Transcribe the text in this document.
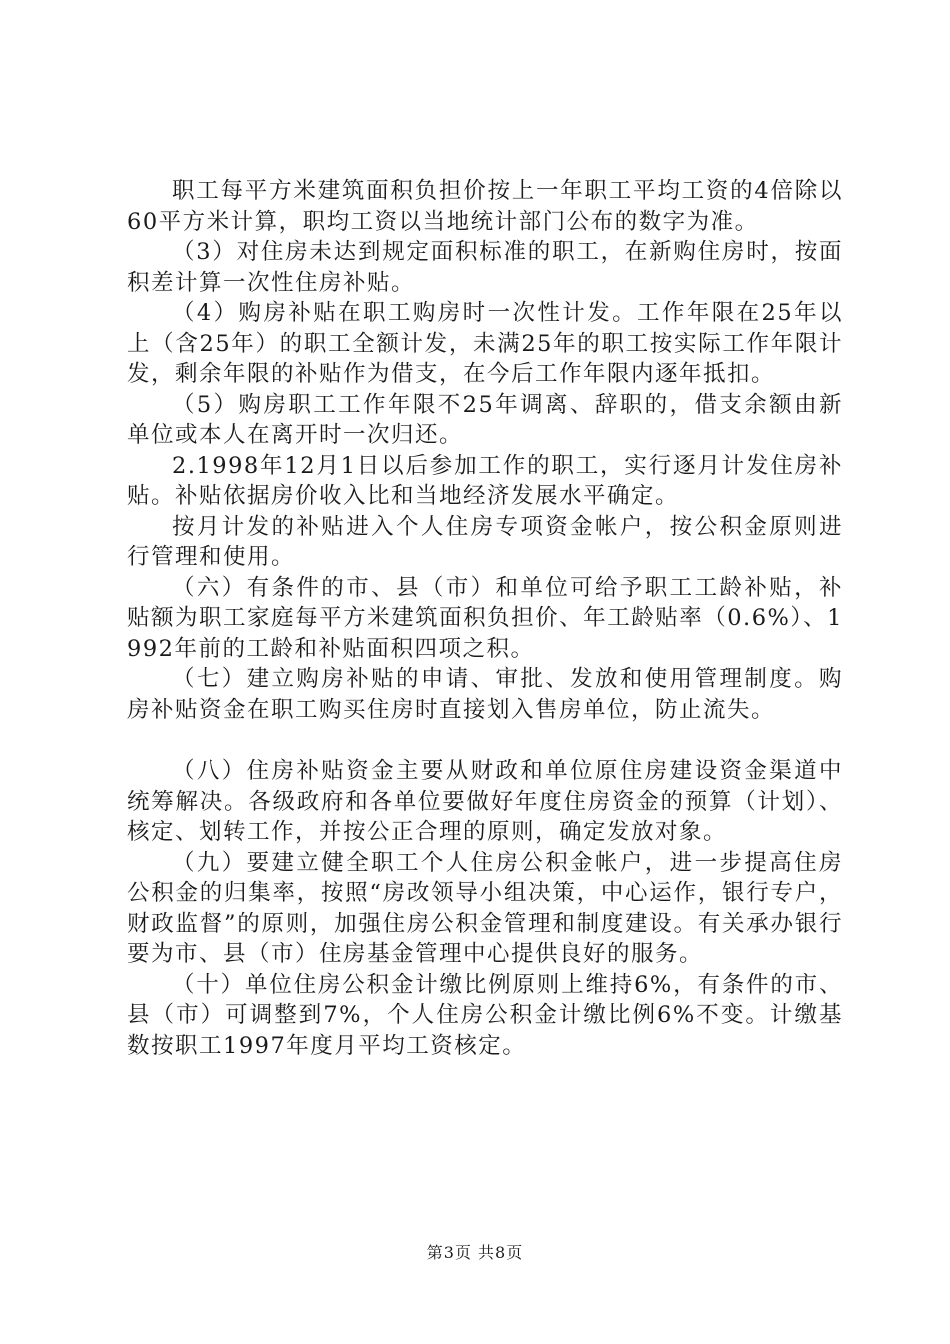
职工每平方米建筑面积负担价按上一年职工平均工资的4倍除以60平方米计算，职均工资以当地统计部门公布的数字为准。

（3）对住房未达到规定面积标准的职工，在新购住房时，按面积差计算一次性住房补贴。

（4）购房补贴在职工购房时一次性计发。工作年限在25年以上（含25年）的职工全额计发，未满25年的职工按实际工作年限计发，剩余年限的补贴作为借支，在今后工作年限内逐年抵扣。

（5）购房职工工作年限不25年调离、辞职的，借支余额由新单位或本人在离开时一次归还。

2.1998年12月1日以后参加工作的职工，实行逐月计发住房补贴。补贴依据房价收入比和当地经济发展水平确定。

按月计发的补贴进入个人住房专项资金帐户，按公积金原则进行管理和使用。

（六）有条件的市、县（市）和单位可给予职工工龄补贴，补贴额为职工家庭每平方米建筑面积负担价、年工龄贴率（0.6%）、1992年前的工龄和补贴面积四项之积。

（七）建立购房补贴的申请、审批、发放和使用管理制度。购房补贴资金在职工购买住房时直接划入售房单位，防止流失。

（八）住房补贴资金主要从财政和单位原住房建设资金渠道中统筹解决。各级政府和各单位要做好年度住房资金的预算（计划）、核定、划转工作，并按公正合理的原则，确定发放对象。

（九）要建立健全职工个人住房公积金帐户，进一步提高住房公积金的归集率，按照“房改领导小组决策，中心运作，银行专户，财政监督”的原则，加强住房公积金管理和制度建设。有关承办银行要为市、县（市）住房基金管理中心提供良好的服务。

（十）单位住房公积金计缴比例原则上维持6%，有条件的市、县（市）可调整到7%，个人住房公积金计缴比例6%不变。计缴基数按职工1997年度月平均工资核定。

第3页 共8页
